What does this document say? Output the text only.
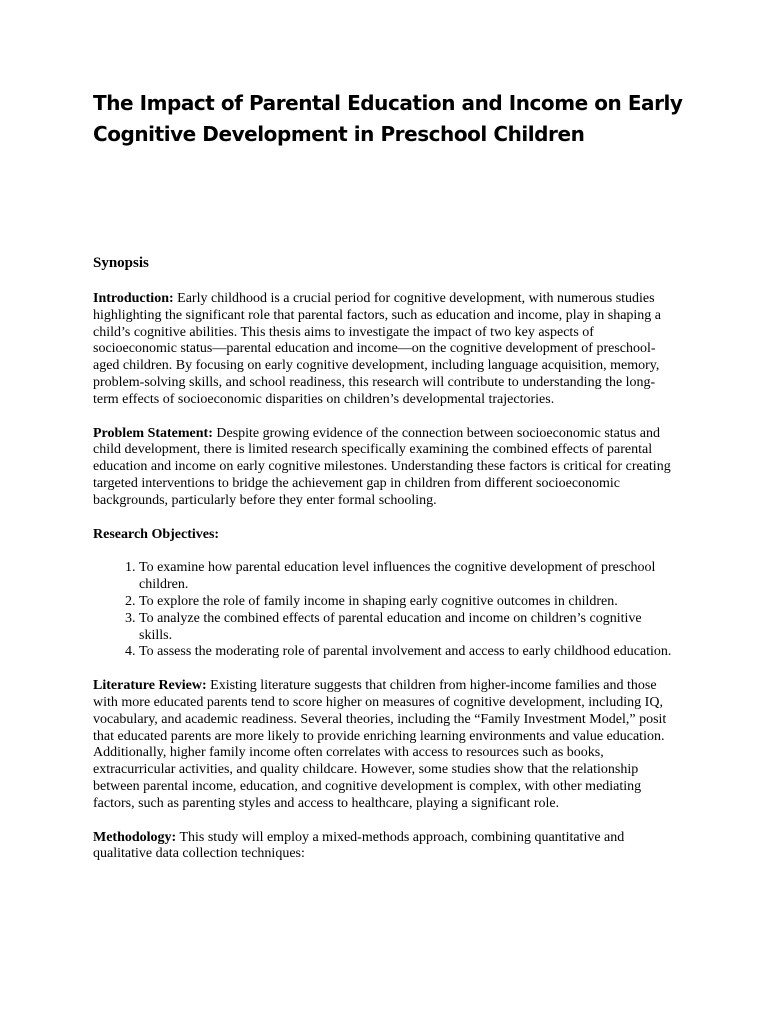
The Impact of Parental Education and Income on Early Cognitive Development in Preschool Children
Synopsis

Introduction: Early childhood is a crucial period for cognitive development, with numerous studies highlighting the significant role that parental factors, such as education and income, play in shaping a child’s cognitive abilities. This thesis aims to investigate the impact of two key aspects of socioeconomic status—parental education and income—on the cognitive development of preschool-aged children. By focusing on early cognitive development, including language acquisition, memory, problem-solving skills, and school readiness, this research will contribute to understanding the long-term effects of socioeconomic disparities on children’s developmental trajectories.

Problem Statement: Despite growing evidence of the connection between socioeconomic status and child development, there is limited research specifically examining the combined effects of parental education and income on early cognitive milestones. Understanding these factors is critical for creating targeted interventions to bridge the achievement gap in children from different socioeconomic backgrounds, particularly before they enter formal schooling.

Research Objectives:

1. To examine how parental education level influences the cognitive development of preschool children.
2. To explore the role of family income in shaping early cognitive outcomes in children.
3. To analyze the combined effects of parental education and income on children’s cognitive skills.
4. To assess the moderating role of parental involvement and access to early childhood education.

Literature Review: Existing literature suggests that children from higher-income families and those with more educated parents tend to score higher on measures of cognitive development, including IQ, vocabulary, and academic readiness. Several theories, including the “Family Investment Model,” posit that educated parents are more likely to provide enriching learning environments and value education. Additionally, higher family income often correlates with access to resources such as books, extracurricular activities, and quality childcare. However, some studies show that the relationship between parental income, education, and cognitive development is complex, with other mediating factors, such as parenting styles and access to healthcare, playing a significant role.

Methodology: This study will employ a mixed-methods approach, combining quantitative and qualitative data collection techniques:
